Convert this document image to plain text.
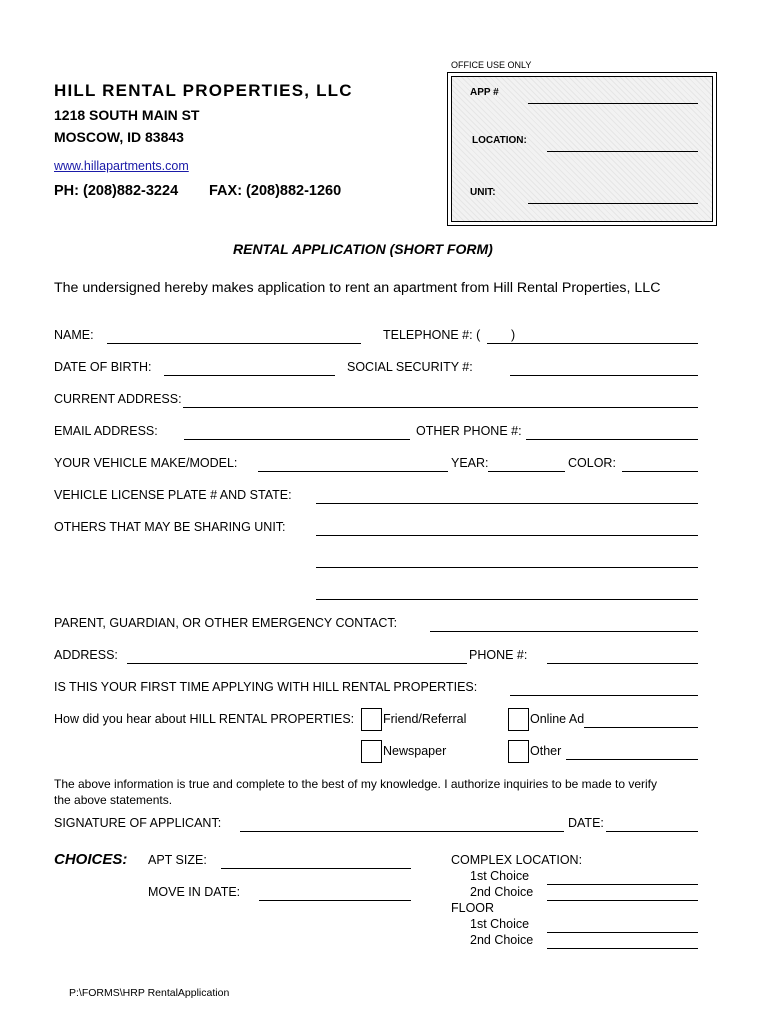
OFFICE USE ONLY
APP #
LOCATION:
UNIT:
HILL RENTAL PROPERTIES, LLC
1218 SOUTH MAIN ST
MOSCOW, ID 83843
www.hillapartments.com
PH: (208)882-3224 FAX: (208)882-1260
RENTAL APPLICATION (SHORT FORM)
The undersigned hereby makes application to rent an apartment from Hill Rental Properties, LLC
NAME:	TELEPHONE #: ( )
DATE OF BIRTH:	SOCIAL SECURITY #:
CURRENT ADDRESS:
EMAIL ADDRESS:	OTHER PHONE #:
YOUR VEHICLE MAKE/MODEL:	YEAR:	COLOR:
VEHICLE LICENSE PLATE # AND STATE:
OTHERS THAT MAY BE SHARING UNIT:
PARENT, GUARDIAN, OR OTHER EMERGENCY CONTACT:
ADDRESS:	PHONE #:
IS THIS YOUR FIRST TIME APPLYING WITH HILL RENTAL PROPERTIES:
How did you hear about HILL RENTAL PROPERTIES: Friend/Referral	Online Ad
Newspaper	Other
The above information is true and complete to the best of my knowledge. I authorize inquiries to be made to verify
the above statements.
SIGNATURE OF APPLICANT:	DATE:
CHOICES: APT SIZE:
MOVE IN DATE:
COMPLEX LOCATION:
1st Choice
2nd Choice
FLOOR
1st Choice
2nd Choice
P:\FORMS\HRP RentalApplication
